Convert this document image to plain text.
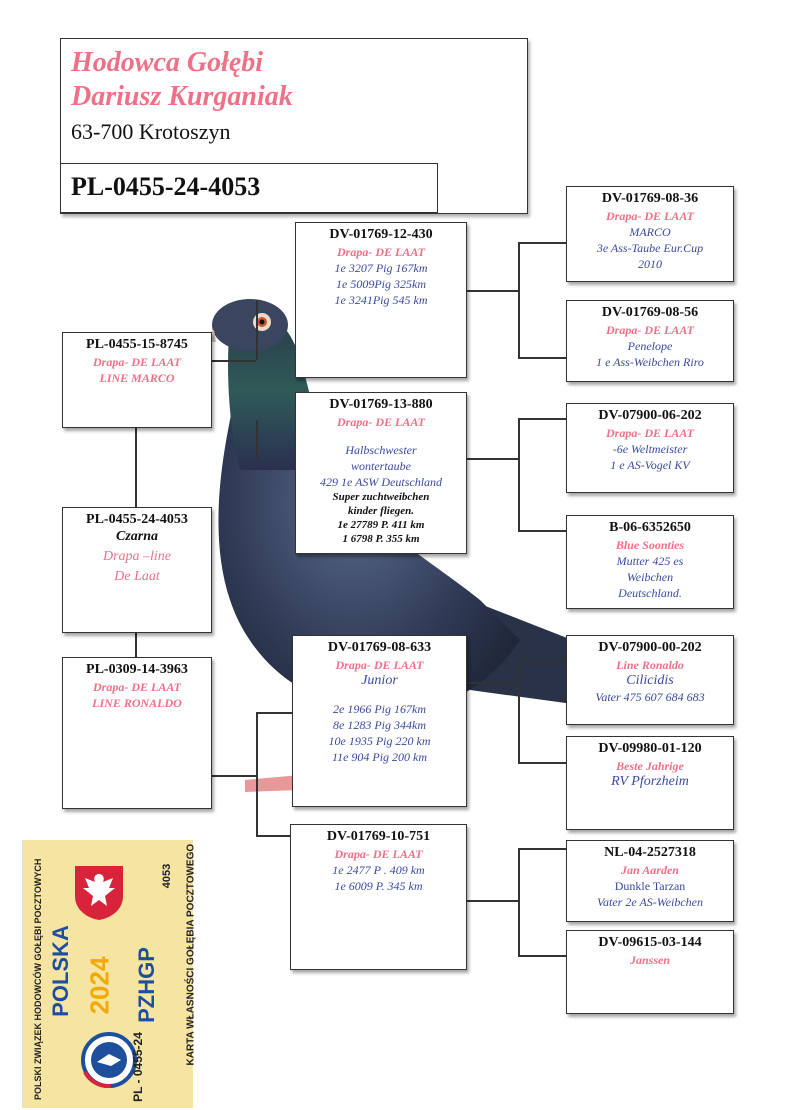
Hodowca Gołębi
Dariusz Kurganiak
63-700 Krotoszyn
PL-0455-24-4053
PL-0455-15-8745
Drapa- DE LAAT
LINE MARCO
PL-0455-24-4053
Czarna
Drapa –line
De Laat
PL-0309-14-3963
Drapa- DE LAAT
LINE RONALDO
DV-01769-12-430
Drapa- DE LAAT
1e 3207 Pig 167km
1e 5009Pig 325km
1e 3241Pig 545 km
DV-01769-13-880
Drapa- DE LAAT
Halbschwester
wontertaube
429 1e ASW Deutschland
Super zuchtweibchen
kinder fliegen.
1e 27789 P. 411 km
1 6798 P. 355 km
DV-01769-08-633
Drapa- DE LAAT
Junior
2e 1966 Pig 167km
8e 1283 Pig 344km
10e 1935 Pig 220 km
11e 904 Pig 200 km
DV-01769-10-751
Drapa- DE LAAT
1e 2477 P . 409 km
1e 6009 P. 345 km
DV-01769-08-36
Drapa- DE LAAT
MARCO
3e Ass-Taube Eur.Cup
2010
DV-01769-08-56
Drapa- DE LAAT
Penelope
1 e Ass-Weibchen Riro
DV-07900-06-202
Drapa- DE LAAT
-6e Weltmeister
1 e AS-Vogel KV
B-06-6352650
Blue Soonties
Mutter 425 es
Weibchen
Deutschland.
DV-07900-00-202
Line Ronaldo
Cilicidis
Vater 475 607 684 683
DV-09980-01-120
Beste Jahrige
RV Pforzheim
NL-04-2527318
Jan Aarden
Dunkle Tarzan
Vater 2e AS-Weibchen
DV-09615-03-144
Janssen
POLSKI ZWIĄZEK HODOWCÓW GOŁĘBI POCZTOWYCH POLSKA 2024 PZHGP
4053 KARTA WŁASNOŚCI GOŁĘBIA POCZTOWEGO
PL - 0455-24
